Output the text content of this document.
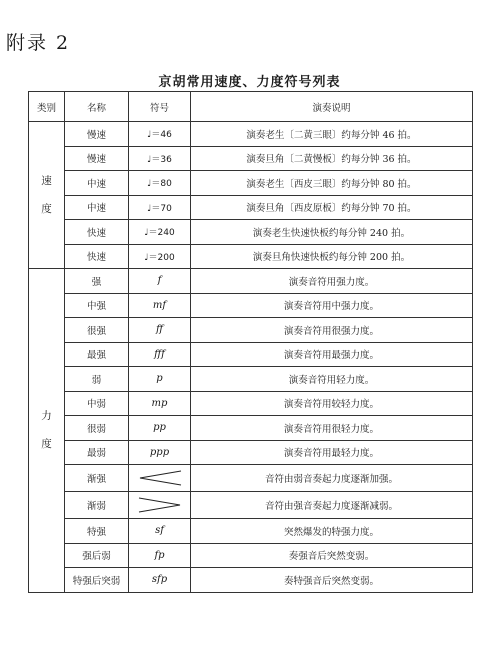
附录 2
京胡常用速度、力度符号列表
类别	名称	符号	演奏说明

速
度	慢速	♩＝46	演奏老生〔二黄三眼〕约每分钟 46 拍。
	慢速	♩＝36	演奏旦角〔二黄慢板〕约每分钟 36 拍。
	中速	♩＝80	演奏老生〔西皮三眼〕约每分钟 80 拍。
	中速	♩＝70	演奏旦角〔西皮原板〕约每分钟 70 拍。
	快速	♩＝240	演奏老生快速快板约每分钟 240 拍。
	快速	♩＝200	演奏旦角快速快板约每分钟 200 拍。

力
度	强	f	演奏音符用强力度。
	中强	mf	演奏音符用中强力度。
	很强	ff	演奏音符用很强力度。
	最强	fff	演奏音符用最强力度。
	弱	p	演奏音符用轻力度。
	中弱	mp	演奏音符用较轻力度。
	很弱	pp	演奏音符用很轻力度。
	最弱	ppp	演奏音符用最轻力度。
	渐强		音符由弱音奏起力度逐渐加强。
	渐弱		音符由强音奏起力度逐渐减弱。
	特强	sf	突然爆发的特强力度。
	强后弱	fp	奏强音后突然变弱。
	特强后突弱	sfp	奏特强音后突然变弱。
